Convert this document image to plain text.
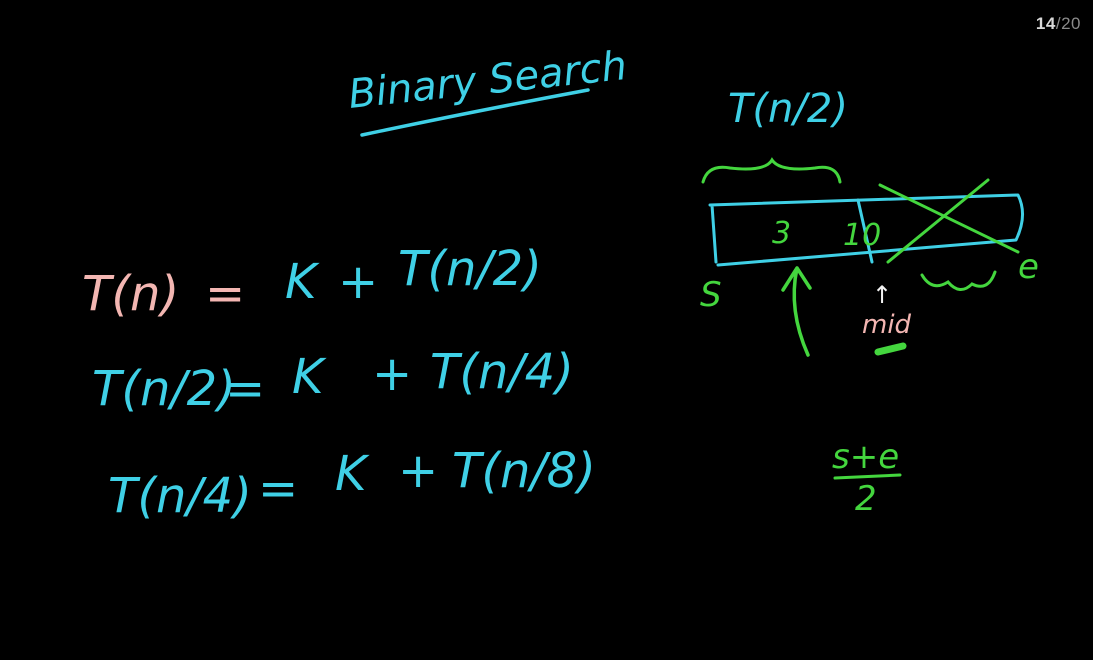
14/20
Binary Search
T(n) = K + T(n/2)
T(n/2)
= K + T(n/4)
T(n/4) = K + T(n/8)
T(n/2)
3 10
S
e
↑
mid
s+e
2
